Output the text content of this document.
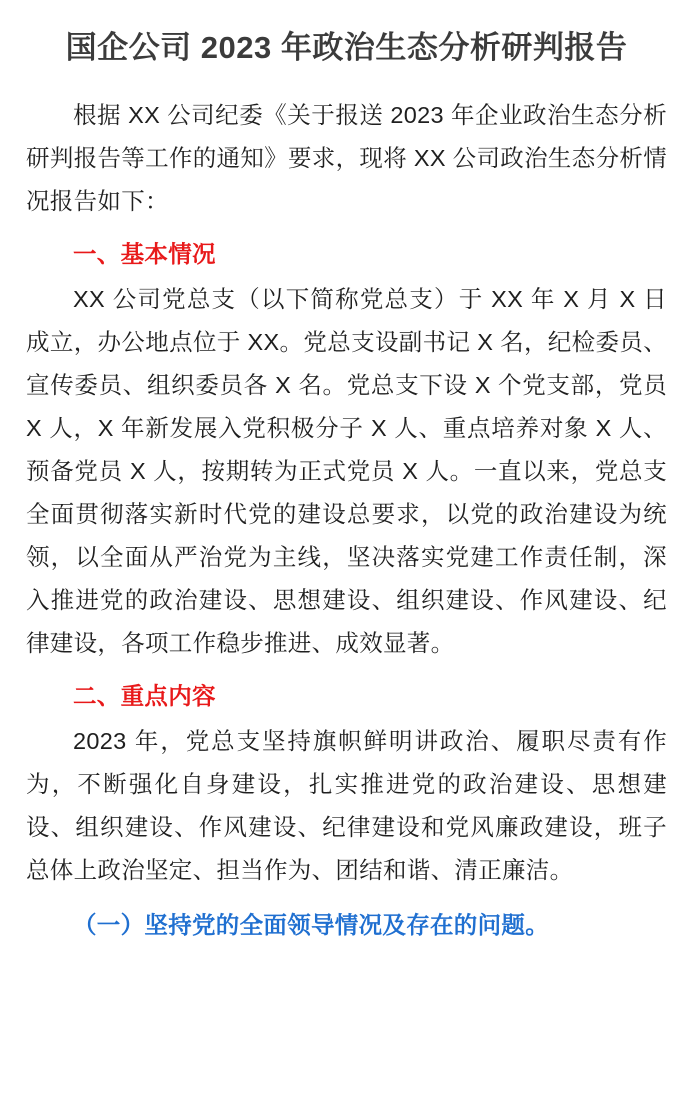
国企公司 2023 年政治生态分析研判报告

根据 XX 公司纪委《关于报送 2023 年企业政治生态分析研判报告等工作的通知》要求，现将 XX 公司政治生态分析情况报告如下：

一、基本情况

XX 公司党总支（以下简称党总支）于 XX 年 X 月 X 日成立，办公地点位于 XX。党总支设副书记 X 名，纪检委员、宣传委员、组织委员各 X 名。党总支下设 X 个党支部，党员 X 人，X 年新发展入党积极分子 X 人、重点培养对象 X 人、预备党员 X 人，按期转为正式党员 X 人。一直以来，党总支全面贯彻落实新时代党的建设总要求，以党的政治建设为统领，以全面从严治党为主线，坚决落实党建工作责任制，深入推进党的政治建设、思想建设、组织建设、作风建设、纪律建设，各项工作稳步推进、成效显著。

二、重点内容

2023 年，党总支坚持旗帜鲜明讲政治、履职尽责有作为，不断强化自身建设，扎实推进党的政治建设、思想建设、组织建设、作风建设、纪律建设和党风廉政建设，班子总体上政治坚定、担当作为、团结和谐、清正廉洁。

（一）坚持党的全面领导情况及存在的问题。
